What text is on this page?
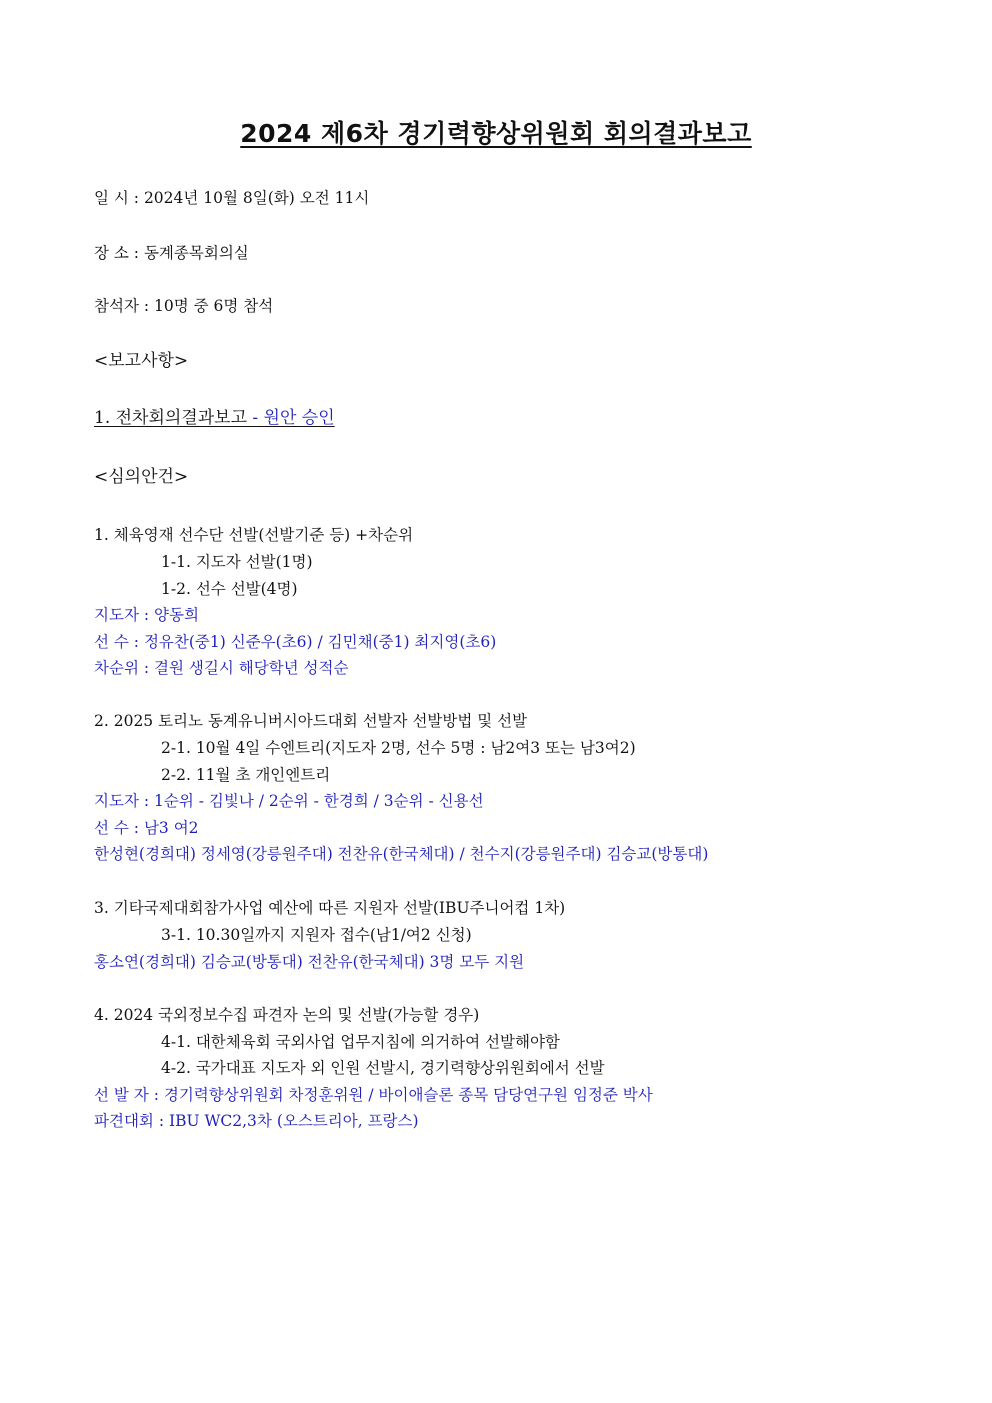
2024 제6차 경기력향상위원회 회의결과보고
일 시 : 2024년 10월 8일(화) 오전 11시
장 소 : 동계종목회의실
참석자 : 10명 중 6명 참석
<보고사항>
1. 전차회의결과보고 - 원안 승인
<심의안건>
1. 체육영재 선수단 선발(선발기준 등) +차순위
1-1. 지도자 선발(1명)
1-2. 선수 선발(4명)
지도자 : 양동희
선 수 : 정유찬(중1) 신준우(초6) / 김민채(중1) 최지영(초6)
차순위 : 결원 생길시 해당학년 성적순
2. 2025 토리노 동계유니버시아드대회 선발자 선발방법 및 선발
2-1. 10월 4일 수엔트리(지도자 2명, 선수 5명 : 남2여3 또는 남3여2)
2-2. 11월 초 개인엔트리
지도자 : 1순위 - 김빛나 / 2순위 - 한경희 / 3순위 - 신용선
선 수 : 남3 여2
한성현(경희대) 정세영(강릉원주대) 전찬유(한국체대) / 천수지(강릉원주대) 김승교(방통대)
3. 기타국제대회참가사업 예산에 따른 지원자 선발(IBU주니어컵 1차)
3-1. 10.30일까지 지원자 접수(남1/여2 신청)
홍소연(경희대) 김승교(방통대) 전찬유(한국체대) 3명 모두 지원
4. 2024 국외정보수집 파견자 논의 및 선발(가능할 경우)
4-1. 대한체육회 국외사업 업무지침에 의거하여 선발해야함
4-2. 국가대표 지도자 외 인원 선발시, 경기력향상위원회에서 선발
선 발 자 : 경기력향상위원회 차정훈위원 / 바이애슬론 종목 담당연구원 임정준 박사
파견대회 : IBU WC2,3차 (오스트리아, 프랑스)
